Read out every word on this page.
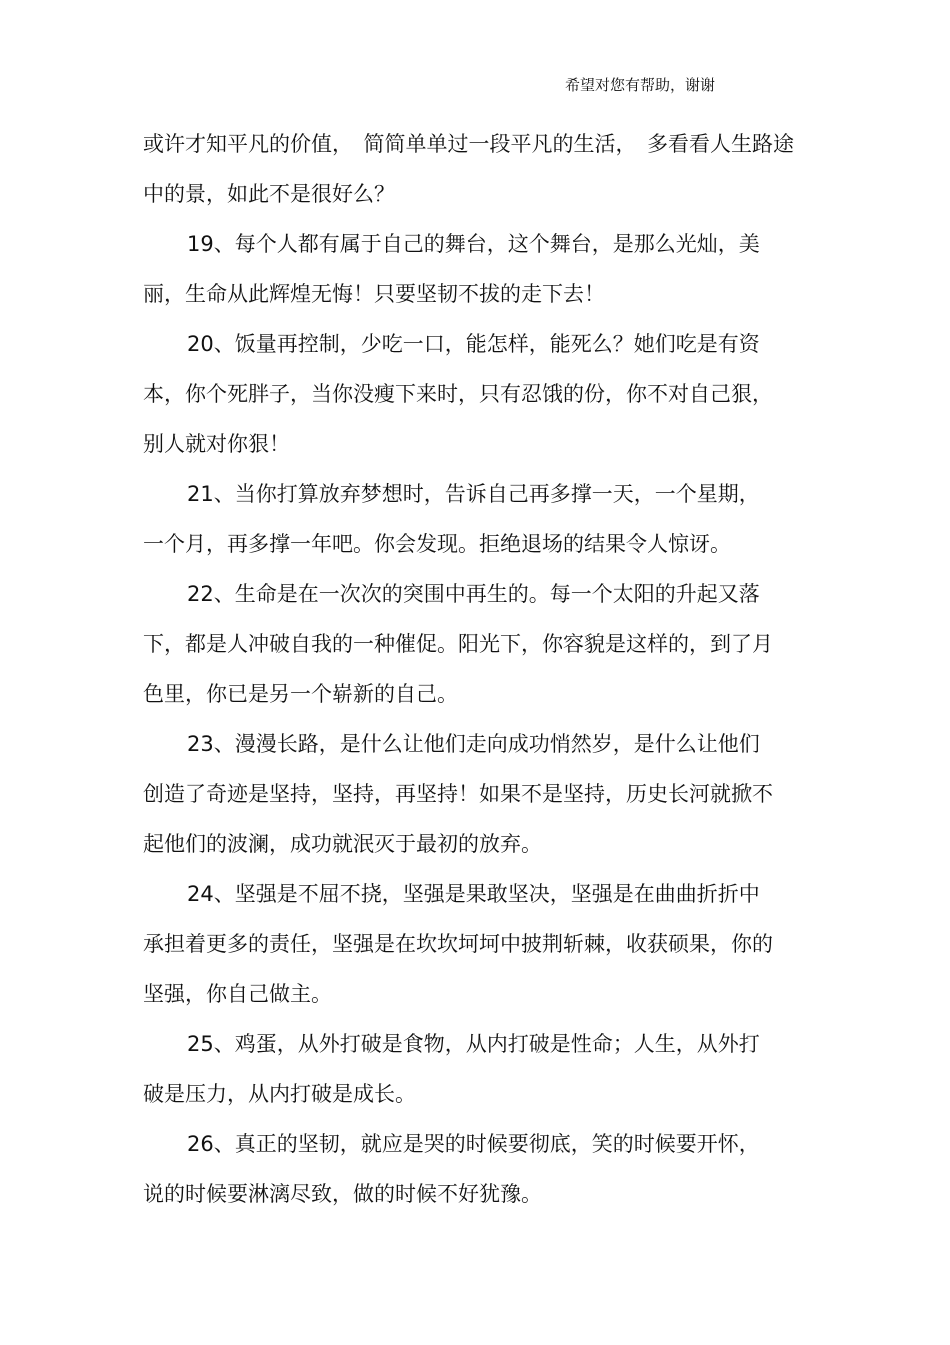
希望对您有帮助，谢谢
或许才知平凡的价值，　简简单单过一段平凡的生活，　多看看人生路途
中的景，如此不是很好么？
19、每个人都有属于自己的舞台，这个舞台，是那么光灿，美
丽，生命从此辉煌无悔！只要坚韧不拔的走下去！
20、饭量再控制，少吃一口，能怎样，能死么？她们吃是有资
本，你个死胖子，当你没瘦下来时，只有忍饿的份，你不对自己狠，
别人就对你狠！
21、当你打算放弃梦想时，告诉自己再多撑一天，一个星期，
一个月，再多撑一年吧。你会发现。拒绝退场的结果令人惊讶。
22、生命是在一次次的突围中再生的。每一个太阳的升起又落
下，都是人冲破自我的一种催促。阳光下，你容貌是这样的，到了月
色里，你已是另一个崭新的自己。
23、漫漫长路，是什么让他们走向成功悄然岁，是什么让他们
创造了奇迹是坚持，坚持，再坚持！如果不是坚持，历史长河就掀不
起他们的波澜，成功就泯灭于最初的放弃。
24、坚强是不屈不挠，坚强是果敢坚决，坚强是在曲曲折折中
承担着更多的责任，坚强是在坎坎坷坷中披荆斩棘，收获硕果，你的
坚强，你自己做主。
25、鸡蛋，从外打破是食物，从内打破是性命；人生，从外打
破是压力，从内打破是成长。
26、真正的坚韧，就应是哭的时候要彻底，笑的时候要开怀，
说的时候要淋漓尽致，做的时候不好犹豫。
